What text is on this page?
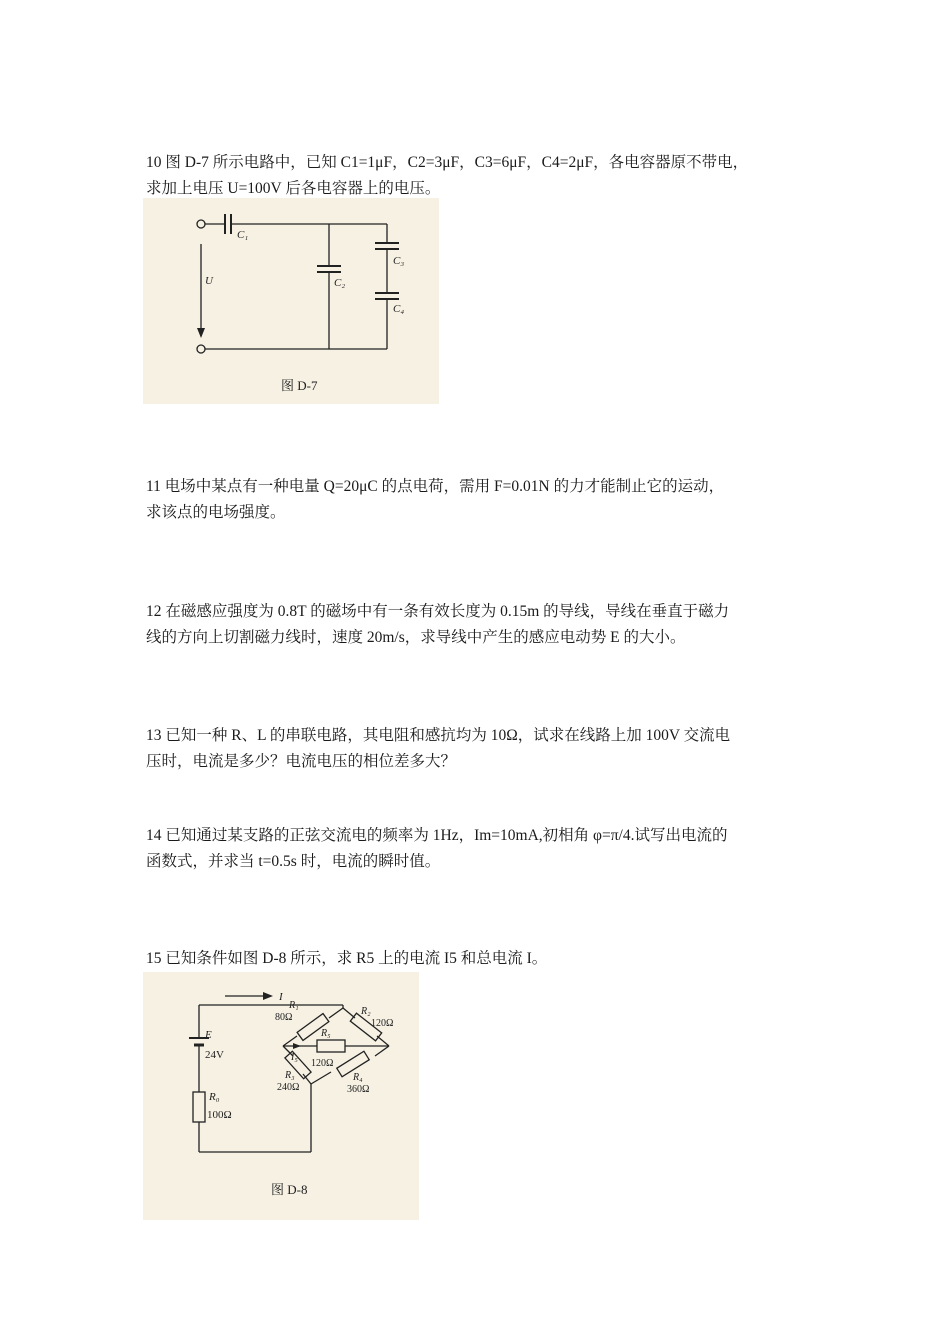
10 图 D-7 所示电路中，已知 C1=1μF，C2=3μF，C3=6μF，C4=2μF，各电容器原不带电，
求加上电压 U=100V 后各电容器上的电压。

C₁
C₂
C₃
C₄
U
图 D-7

11 电场中某点有一种电量 Q=20μC 的点电荷，需用 F=0.01N 的力才能制止它的运动，
求该点的电场强度。

12 在磁感应强度为 0.8T 的磁场中有一条有效长度为 0.15m 的导线，导线在垂直于磁力
线的方向上切割磁力线时，速度 20m/s，求导线中产生的感应电动势 E 的大小。

13 已知一种 R、L 的串联电路，其电阻和感抗均为 10Ω，试求在线路上加 100V 交流电
压时，电流是多少？电流电压的相位差多大？

14 已知通过某支路的正弦交流电的频率为 1Hz，Im=10mA,初相角 φ=π/4.试写出电流的
函数式，并求当 t=0.5s 时，电流的瞬时值。

15 已知条件如图 D-8 所示，求 R5 上的电流 I5 和总电流 I。

I
E
24V
R₀
100Ω
R₁
80Ω
R₂
120Ω
R₃
240Ω
R₄
360Ω
R₅
120Ω
I₅
图 D-8
